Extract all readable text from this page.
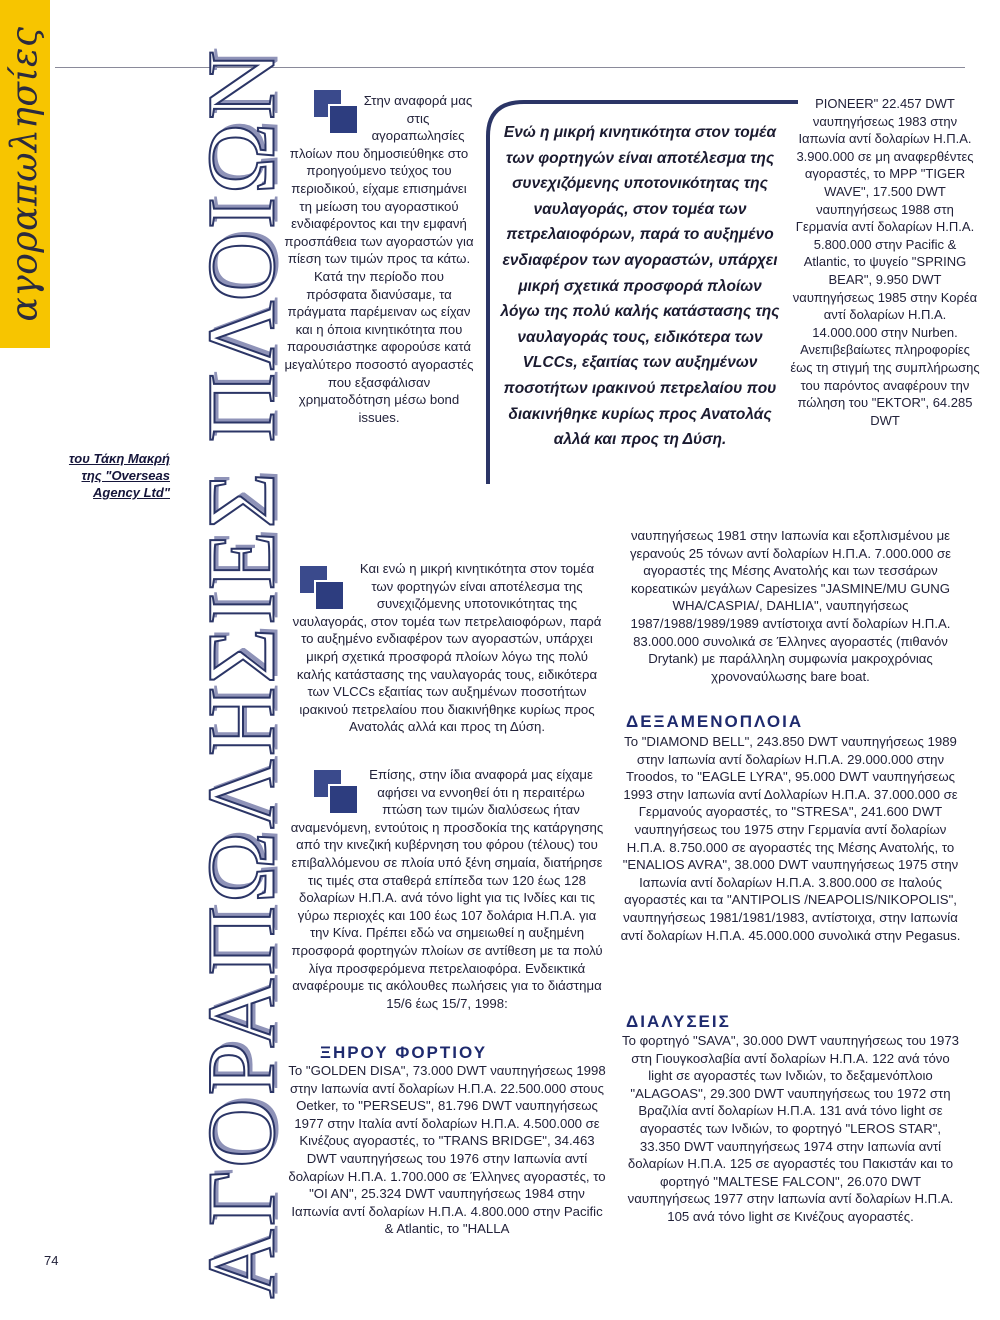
αγοραπωλησίες ΑΓΟΡΑΠΩΛΗΣΙΕΣ ΠΛΟΙΩΝ
του Τάκη Μακρή
της "Overseas
Agency Ltd"

Στην αναφορά μας στις αγοραπωλησίες πλοίων που δημοσιεύθηκε στο προηγούμενο τεύχος του περιοδικού, είχαμε επισημάνει τη μείωση του αγοραστικού ενδιαφέροντος και την εμφανή προσπάθεια των αγοραστών για πίεση των τιμών προς τα κάτω. Κατά την περίοδο που πρόσφατα διανύσαμε, τα πράγματα παρέμειναν ως είχαν και η όποια κινητικότητα που παρουσιάστηκε αφορούσε κατά μεγαλύτερο ποσοστό αγοραστές που εξασφάλισαν χρηματοδότηση μέσω bond issues.

Ενώ η μικρή κινητικότητα στον τομέα των φορτηγών είναι αποτέλεσμα της συνεχιζόμενης υποτονικότητας της ναυλαγοράς, στον τομέα των πετρελαιοφόρων, παρά το αυξημένο ενδιαφέρον των αγοραστών, υπάρχει μικρή σχετικά προσφορά πλοίων λόγω της πολύ καλής κατάστασης της ναυλαγοράς τους, ειδικότερα των VLCCs, εξαιτίας των αυξημένων ποσοτήτων ιρακινού πετρελαίου που διακινήθηκε κυρίως προς Ανατολάς αλλά και προς τη Δύση.

PIONEER" 22.457 DWT ναυπηγήσεως 1983 στην Ιαπωνία αντί δολαρίων Η.Π.Α. 3.900.000 σε μη αναφερθέντες αγοραστές, το MPP "TIGER WAVE", 17.500 DWT ναυπηγήσεως 1988 στη Γερμανία αντί δολαρίων Η.Π.Α. 5.800.000 στην Pacific & Atlantic, το ψυγείο "SPRING BEAR", 9.950 DWT ναυπηγήσεως 1985 στην Κορέα αντί δολαρίων Η.Π.Α. 14.000.000 στην Nurben. Ανεπιβεβαίωτες πληροφορίες έως τη στιγμή της συμπλήρωσης του παρόντος αναφέρουν την πώληση του "EKTOR", 64.285 DWT

ναυπηγήσεως 1981 στην Ιαπωνία και εξοπλισμένου με γερανούς 25 τόνων αντί δολαρίων Η.Π.Α. 7.000.000 σε αγοραστές της Μέσης Ανατολής και των τεσσάρων κορεατικών μεγάλων Capesizes "JASMINE/MU GUNG WHA/CASPIA/, DAHLIA", ναυπηγήσεως 1987/1988/1989/1989 αντίστοιχα αντί δολαρίων Η.Π.Α. 83.000.000 συνολικά σε Έλληνες αγοραστές (πιθανόν Drytank) με παράλληλη συμφωνία μακροχρόνιας χρονοναύλωσης bare boat.

Και ενώ η μικρή κινητικότητα στον τομέα των φορτηγών είναι αποτέλεσμα της συνεχιζόμενης υποτονικότητας της ναυλαγοράς, στον τομέα των πετρελαιοφόρων, παρά το αυξημένο ενδιαφέρον των αγοραστών, υπάρχει μικρή σχετικά προσφορά πλοίων λόγω της πολύ καλής κατάστασης της ναυλαγοράς τους, ειδικότερα των VLCCs εξαιτίας των αυξημένων ποσοτήτων ιρακινού πετρελαίου που διακινήθηκε κυρίως προς Ανατολάς αλλά και προς τη Δύση.

Επίσης, στην ίδια αναφορά μας είχαμε αφήσει να εννοηθεί ότι η περαιτέρω πτώση των τιμών διαλύσεως ήταν αναμενόμενη, εντούτοις η προσδοκία της κατάργησης από την κινεζική κυβέρνηση του φόρου (τέλους) του επιβαλλόμενου σε πλοία υπό ξένη σημαία, διατήρησε τις τιμές στα σταθερά επίπεδα των 120 έως 128 δολαρίων Η.Π.Α. ανά τόνο light για τις Ινδίες και τις γύρω περιοχές και 100 έως 107 δολάρια Η.Π.Α. για την Κίνα. Πρέπει εδώ να σημειωθεί η αυξημένη προσφορά φορτηγών πλοίων σε αντίθεση με τα πολύ λίγα προσφερόμενα πετρελαιοφόρα. Ενδεικτικά αναφέρουμε τις ακόλουθες πωλήσεις για το διάστημα 15/6 έως 15/7, 1998:

ΞΗΡΟΥ ΦΟΡΤΙΟΥ

Το "GOLDEN DISA", 73.000 DWT ναυπηγήσεως 1998 στην Ιαπωνία αντί δολαρίων Η.Π.Α. 22.500.000 στους Oetker, το "PERSEUS", 81.796 DWT ναυπηγήσεως 1977 στην Ιταλία αντί δολαρίων Η.Π.Α. 4.500.000 σε Κινέζους αγοραστές, το "TRANS BRIDGE", 34.463 DWT ναυπηγήσεως του 1976 στην Ιαπωνία αντί δολαρίων Η.Π.Α. 1.700.000 σε Έλληνες αγοραστές, το "OI AN", 25.324 DWT ναυπηγήσεως 1984 στην Ιαπωνία αντί δολαρίων Η.Π.Α. 4.800.000 στην Pacific & Atlantic, το "HALLA

ΔΕΞΑΜΕΝΟΠΛΟΙΑ

Το "DIAMOND BELL", 243.850 DWT ναυπηγήσεως 1989 στην Ιαπωνία αντί δολαρίων Η.Π.Α. 29.000.000 στην Troodos, το "EAGLE LYRA", 95.000 DWT ναυπηγήσεως 1993 στην Ιαπωνία αντί Δολλαρίων Η.Π.Α. 37.000.000 σε Γερμανούς αγοραστές, το "STRESA", 241.600 DWT ναυπηγήσεως του 1975 στην Γερμανία αντί δολαρίων Η.Π.Α. 8.750.000 σε αγοραστές της Μέσης Ανατολής, το "ENALIOS AVRA", 38.000 DWT ναυπηγήσεως 1975 στην Ιαπωνία αντί δολαρίων Η.Π.Α. 3.800.000 σε Ιταλούς αγοραστές και τα "ANTIPOLIS /NEAPOLIS/NIKOPOLIS", ναυπηγήσεως 1981/1981/1983, αντίστοιχα, στην Ιαπωνία αντί δολαρίων Η.Π.Α. 45.000.000 συνολικά στην Pegasus.

ΔΙΑΛΥΣΕΙΣ

Το φορτηγό "SAVA", 30.000 DWT ναυπηγήσεως του 1973 στη Γιουγκοσλαβία αντί δολαρίων Η.Π.Α. 122 ανά τόνο light σε αγοραστές των Ινδιών, το δεξαμενόπλοιο "ALAGOAS", 29.300 DWT ναυπηγήσεως του 1972 στη Βραζιλία αντί δολαρίων Η.Π.Α. 131 ανά τόνο light σε αγοραστές των Ινδιών, το φορτηγό "LEROS STAR", 33.350 DWT ναυπηγήσεως 1974 στην Ιαπωνία αντί δολαρίων Η.Π.Α. 125 σε αγοραστές του Πακιστάν και το φορτηγό "MALTESE FALCON", 26.070 DWT ναυπηγήσεως 1977 στην Ιαπωνία αντί δολαρίων Η.Π.Α. 105 ανά τόνο light σε Κινέζους αγοραστές.

74
